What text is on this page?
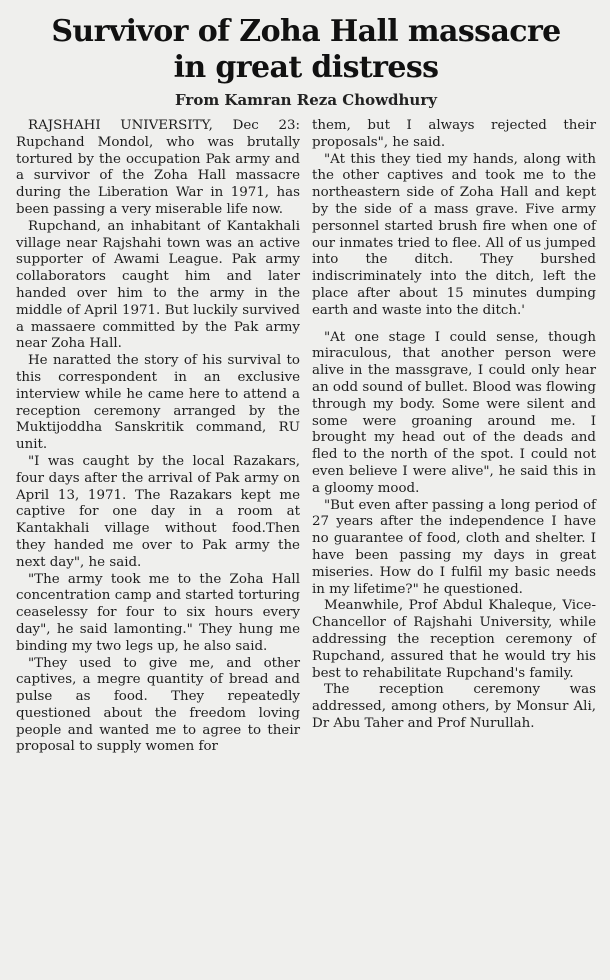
Survivor of Zoha Hall massacre
in great distress
From Kamran Reza Chowdhury

RAJSHAHI UNIVERSITY, Dec 23: Rupchand Mondol, who was brutally tortured by the occupation Pak army and a survivor of the Zoha Hall massacre during the Liberation War in 1971, has been passing a very miserable life now.

Rupchand, an inhabitant of Kantakhali village near Rajshahi town was an active supporter of Awami League. Pak army collaborators caught him and later handed over him to the army in the middle of April 1971. But luckily survived a massaere committed by the Pak army near Zoha Hall.

He naratted the story of his survival to this correspondent in an exclusive interview while he came here to attend a reception ceremony arranged by the Muktijoddha Sanskritik command, RU unit.

"I was caught by the local Razakars, four days after the arrival of Pak army on April 13, 1971. The Razakars kept me captive for one day in a room at Kantakhali village without food.Then they handed me over to Pak army the next day", he said.

"The army took me to the Zoha Hall concentration camp and started torturing ceaselessy for four to six hours every day", he said lamonting." They hung me binding my two legs up, he also said.

"They used to give me, and other captives, a megre quantity of bread and pulse as food. They repeatedly questioned about the freedom loving people and wanted me to agree to their proposal to supply women for

them, but I always rejected their proposals", he said.

"At this they tied my hands, along with the other captives and took me to the northeastern side of Zoha Hall and kept by the side of a mass grave. Five army personnel started brush fire when one of our inmates tried to flee. All of us jumped into the ditch. They burshed indiscriminately into the ditch, left the place after about 15 minutes dumping earth and waste into the ditch.'

"At one stage I could sense, though miraculous, that another person were alive in the massgrave, I could only hear an odd sound of bullet. Blood was flowing through my body. Some were silent and some were groaning around me. I brought my head out of the deads and fled to the north of the spot. I could not even believe I were alive", he said this in a gloomy mood.

"But even after passing a long period of 27 years after the independence I have no guarantee of food, cloth and shelter. I have been passing my days in great miseries. How do I fulfil my basic needs in my lifetime?" he questioned.

Meanwhile, Prof Abdul Khaleque, Vice-Chancellor of Rajshahi University, while addressing the reception ceremony of Rupchand, assured that he would try his best to rehabilitate Rupchand's family.

The reception ceremony was addressed, among others, by Monsur Ali, Dr Abu Taher and Prof Nurullah.
